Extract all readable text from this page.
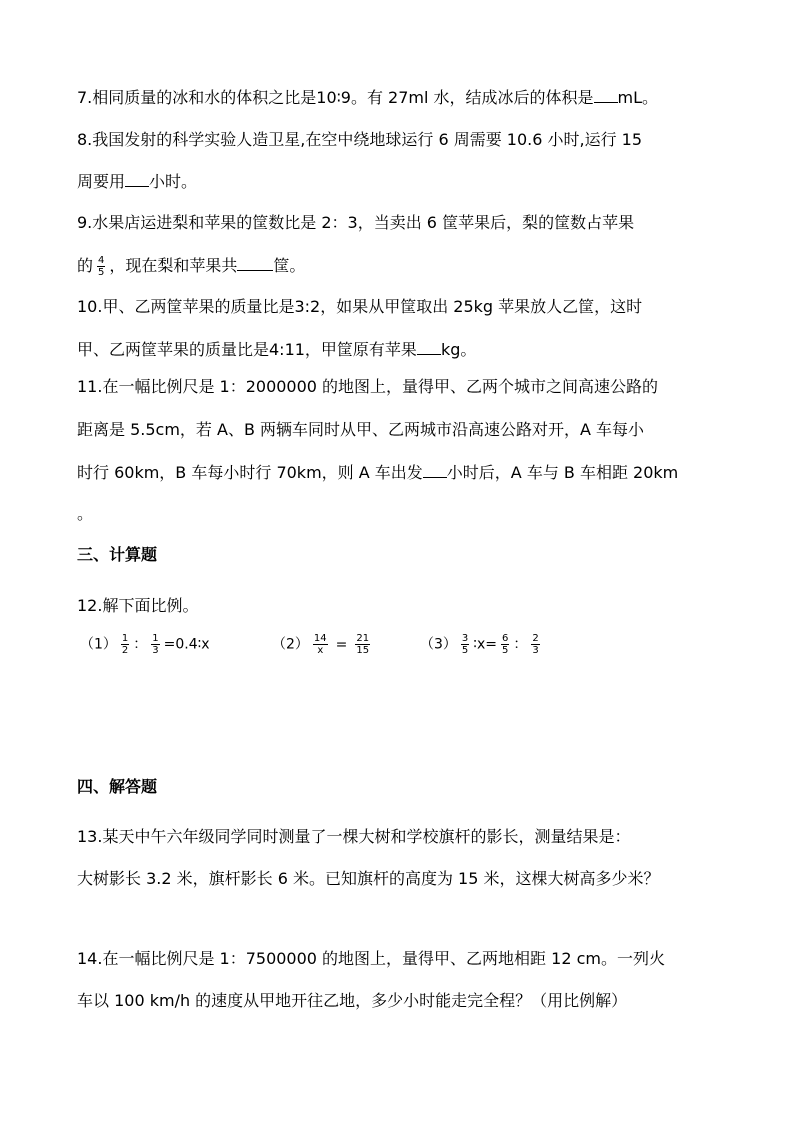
7.相同质量的冰和水的体积之比是10∶9。有 27ml 水，结成冰后的体积是 mL。
8.我国发射的科学实验人造卫星,在空中绕地球运行 6 周需要 10.6 小时,运行 15
周要用 小时。
9.水果店运进梨和苹果的筐数比是 2：3，当卖出 6 筐苹果后，梨的筐数占苹果
的 $\frac{4}{5}$ ，现在梨和苹果共 筐。
10.甲、乙两筐苹果的质量比是3:2，如果从甲筐取出 25kg 苹果放人乙筐，这时
甲、乙两筐苹果的质量比是4:11，甲筐原有苹果 kg。
11.在一幅比例尺是 1：2000000 的地图上，量得甲、乙两个城市之间高速公路的
距离是 5.5cm，若 A、B 两辆车同时从甲、乙两城市沿高速公路对开，A 车每小
时行 60km，B 车每小时行 70km，则 A 车出发 小时后，A 车与 B 车相距 20km
。
三、计算题
12.解下面比例。
$(1) \frac{1}{2}$ ： $\frac{1}{3}$ =0.4∶x	$(2) \frac{14}{x} = \frac{21}{15}$	$(3) \frac{3}{5}$ ∶x= $\frac{6}{5}$ ： $\frac{2}{3}$
四、解答题
13.某天中午六年级同学同时测量了一棵大树和学校旗杆的影长，测量结果是：
大树影长 3.2 米，旗杆影长 6 米。已知旗杆的高度为 15 米，这棵大树高多少米？
14.在一幅比例尺是 1：7500000 的地图上，量得甲、乙两地相距 12 cm。一列火
车以 100 km/h 的速度从甲地开往乙地，多少小时能走完全程？（用比例解）
